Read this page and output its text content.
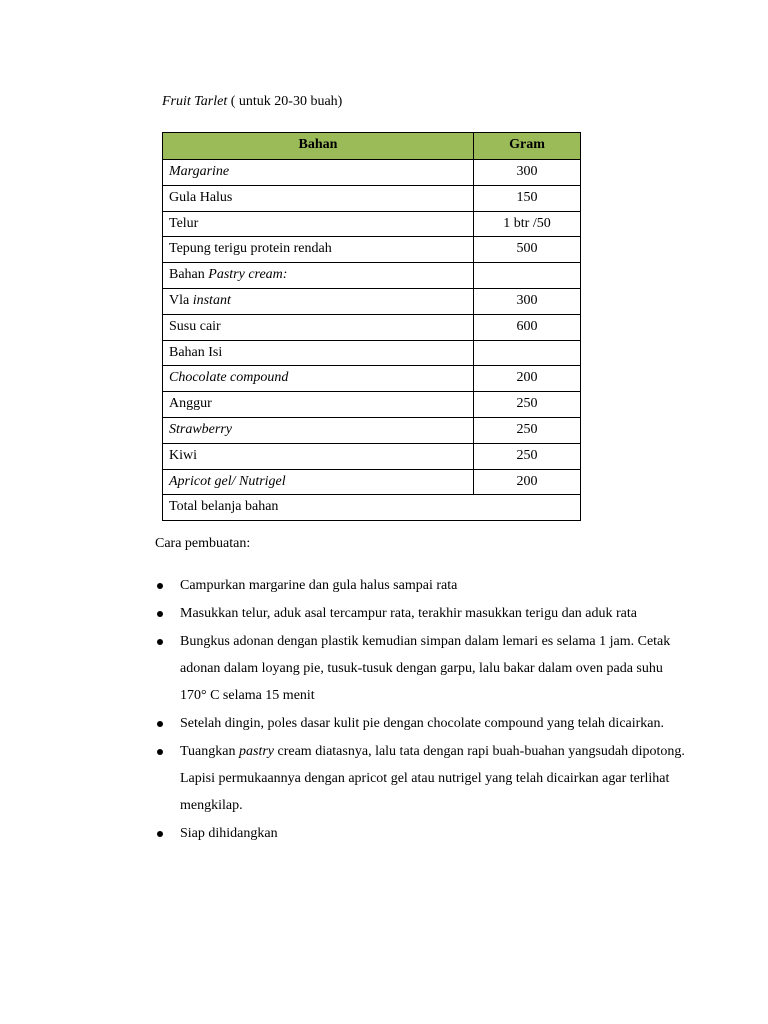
Fruit Tarlet ( untuk 20-30 buah)
Bahan	Gram
Margarine	300
Gula Halus	150
Telur	1 btr /50
Tepung terigu protein rendah	500
Bahan Pastry cream:	
Vla instant	300
Susu cair	600
Bahan Isi	
Chocolate compound	200
Anggur	250
Strawberry	250
Kiwi	250
Apricot gel/ Nutrigel	200
Total belanja bahan	
Cara pembuatan:
Campurkan margarine dan gula halus sampai rata
Masukkan telur, aduk asal tercampur rata, terakhir masukkan terigu dan aduk rata
Bungkus adonan dengan plastik kemudian simpan dalam lemari es selama 1 jam. Cetak adonan dalam loyang pie, tusuk-tusuk dengan garpu, lalu bakar dalam oven pada suhu 170° C selama 15 menit
Setelah dingin, poles dasar kulit pie dengan chocolate compound yang telah dicairkan.
Tuangkan pastry cream diatasnya, lalu tata dengan rapi buah-buahan yangsudah dipotong. Lapisi permukaannya dengan apricot gel atau nutrigel yang telah dicairkan agar terlihat mengkilap.
Siap dihidangkan
